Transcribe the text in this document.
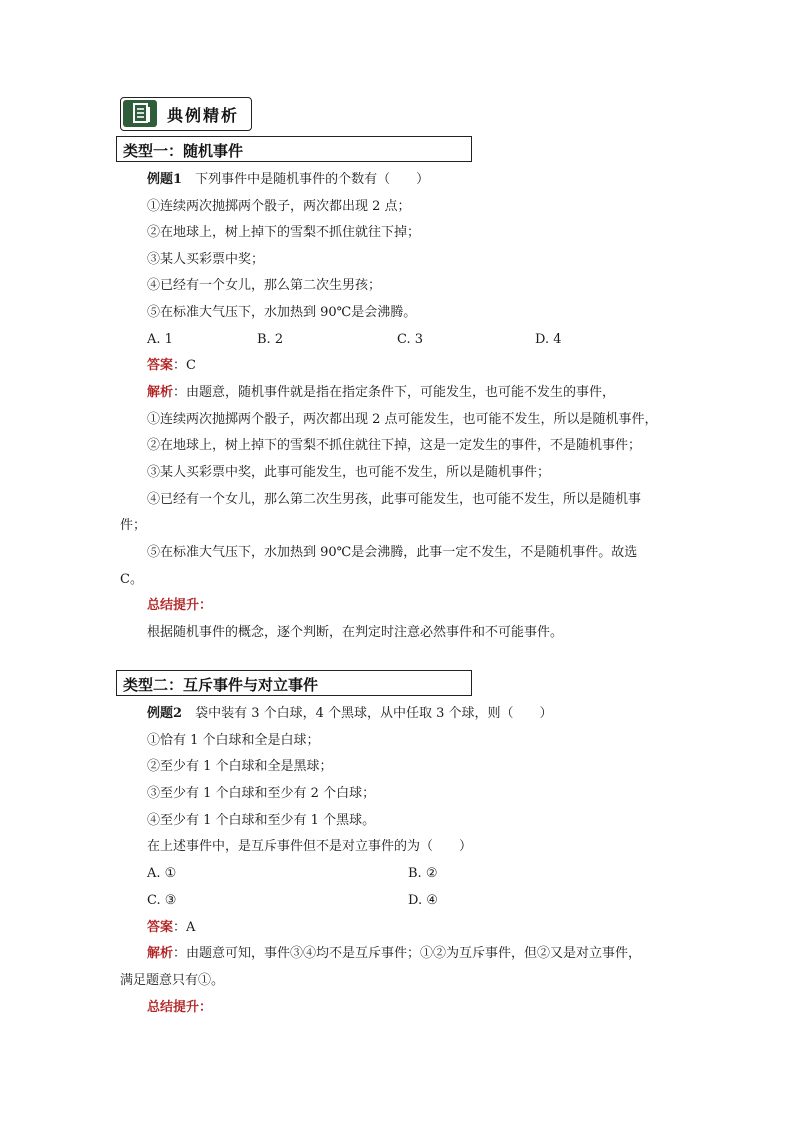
典例精析
类型一：随机事件
例题1　 下列事件中是随机事件的个数有（　　）
①连续两次抛掷两个骰子，两次都出现 2 点；
②在地球上，树上掉下的雪梨不抓住就往下掉；
③某人买彩票中奖；
④已经有一个女儿，那么第二次生男孩；
⑤在标准大气压下，水加热到 90℃是会沸腾。
A. 1	B. 2	C. 3	D. 4
答案：C
解析：由题意，随机事件就是指在指定条件下，可能发生，也可能不发生的事件，
①连续两次抛掷两个骰子，两次都出现 2 点可能发生，也可能不发生，所以是随机事件，
②在地球上，树上掉下的雪梨不抓住就往下掉，这是一定发生的事件，不是随机事件；
③某人买彩票中奖，此事可能发生，也可能不发生，所以是随机事件；
④已经有一个女儿，那么第二次生男孩，此事可能发生，也可能不发生，所以是随机事
件；
⑤在标准大气压下，水加热到 90℃是会沸腾，此事一定不发生，不是随机事件。故选
C。
总结提升：
根据随机事件的概念，逐个判断，在判定时注意必然事件和不可能事件。
类型二：互斥事件与对立事件
例题2　 袋中装有 3 个白球，4 个黑球，从中任取 3 个球，则（　　）
①恰有 1 个白球和全是白球；
②至少有 1 个白球和全是黑球；
③至少有 1 个白球和至少有 2 个白球；
④至少有 1 个白球和至少有 1 个黑球。
在上述事件中，是互斥事件但不是对立事件的为（　　）
A. ①	B. ②
C. ③	D. ④
答案：A
解析：由题意可知，事件③④均不是互斥事件；①②为互斥事件，但②又是对立事件，
满足题意只有①。
总结提升：
